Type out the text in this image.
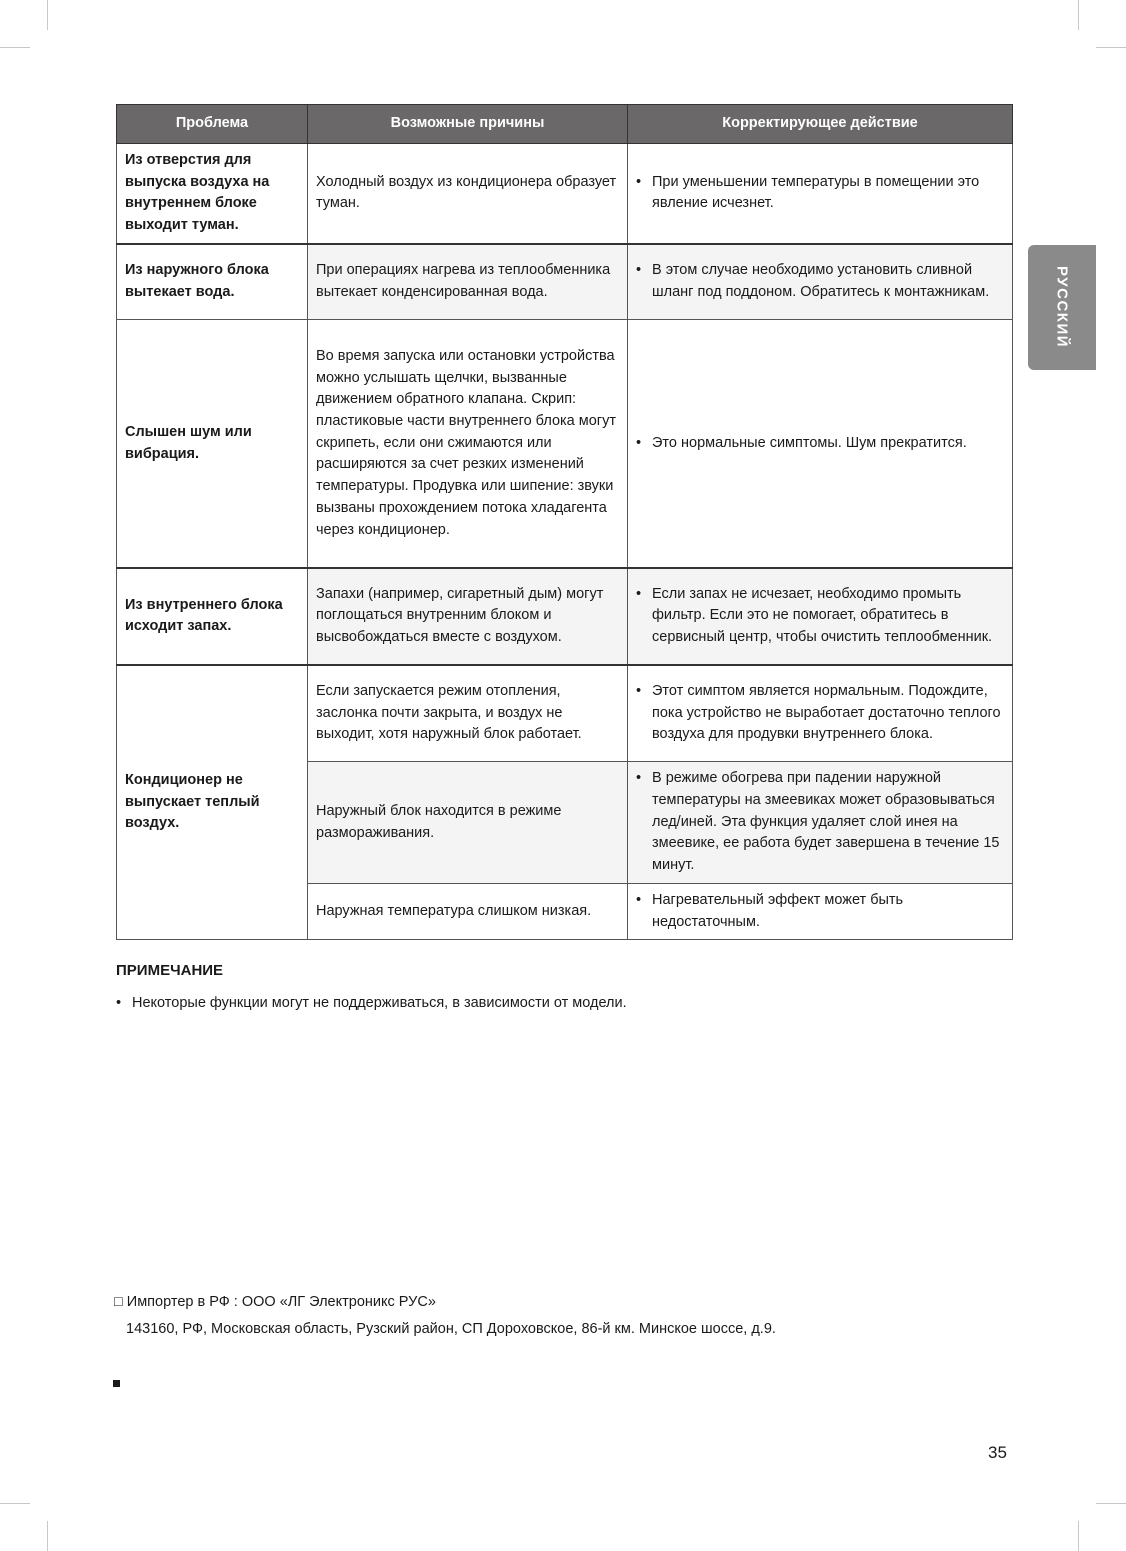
РУССКИЙ
Проблема	Возможные причины	Корректирующее действие
Из отверстия для выпуска воздуха на внутреннем блоке выходит туман.	Холодный воздух из кондиционера образует туман.	• При уменьшении температуры в помещении это явление исчезнет.

Из наружного блока вытекает вода.	При операциях нагрева из теплообменника вытекает конденсированная вода.	• В этом случае необходимо установить сливной шланг под поддоном. Обратитесь к монтажникам.

Слышен шум или вибрация.	Во время запуска или остановки устройства можно услышать щелчки, вызванные движением обратного клапана. Скрип: пластиковые части внутреннего блока могут скрипеть, если они сжимаются или расширяются за счет резких изменений температуры. Продувка или шипение: звуки вызваны прохождением потока хладагента через кондиционер.	• Это нормальные симптомы. Шум прекратится.

Из внутреннего блока исходит запах.	Запахи (например, сигаретный дым) могут поглощаться внутренним блоком и высвобождаться вместе с воздухом.	• Если запах не исчезает, необходимо промыть фильтр. Если это не помогает, обратитесь в сервисный центр, чтобы очистить теплообменник.

Кондиционер не выпускает теплый воздух.	Если запускается режим отопления, заслонка почти закрыта, и воздух не выходит, хотя наружный блок работает.	• Этот симптом является нормальным. Подождите, пока устройство не выработает достаточно теплого воздуха для продувки внутреннего блока.

	Наружный блок находится в режиме размораживания.	• В режиме обогрева при падении наружной температуры на змеевиках может образовываться лед/иней. Эта функция удаляет слой инея на змеевике, ее работа будет завершена в течение 15 минут.

	Наружная температура слишком низкая.	• Нагревательный эффект может быть недостаточным.
ПРИМЕЧАНИЕ
• Некоторые функции могут не поддерживаться, в зависимости от модели.
□ Импортер в РФ : ООО «ЛГ Электроникс РУС»
143160, РФ, Московская область, Рузский район, СП Дороховское, 86-й км. Минское шоссе, д.9.
35
